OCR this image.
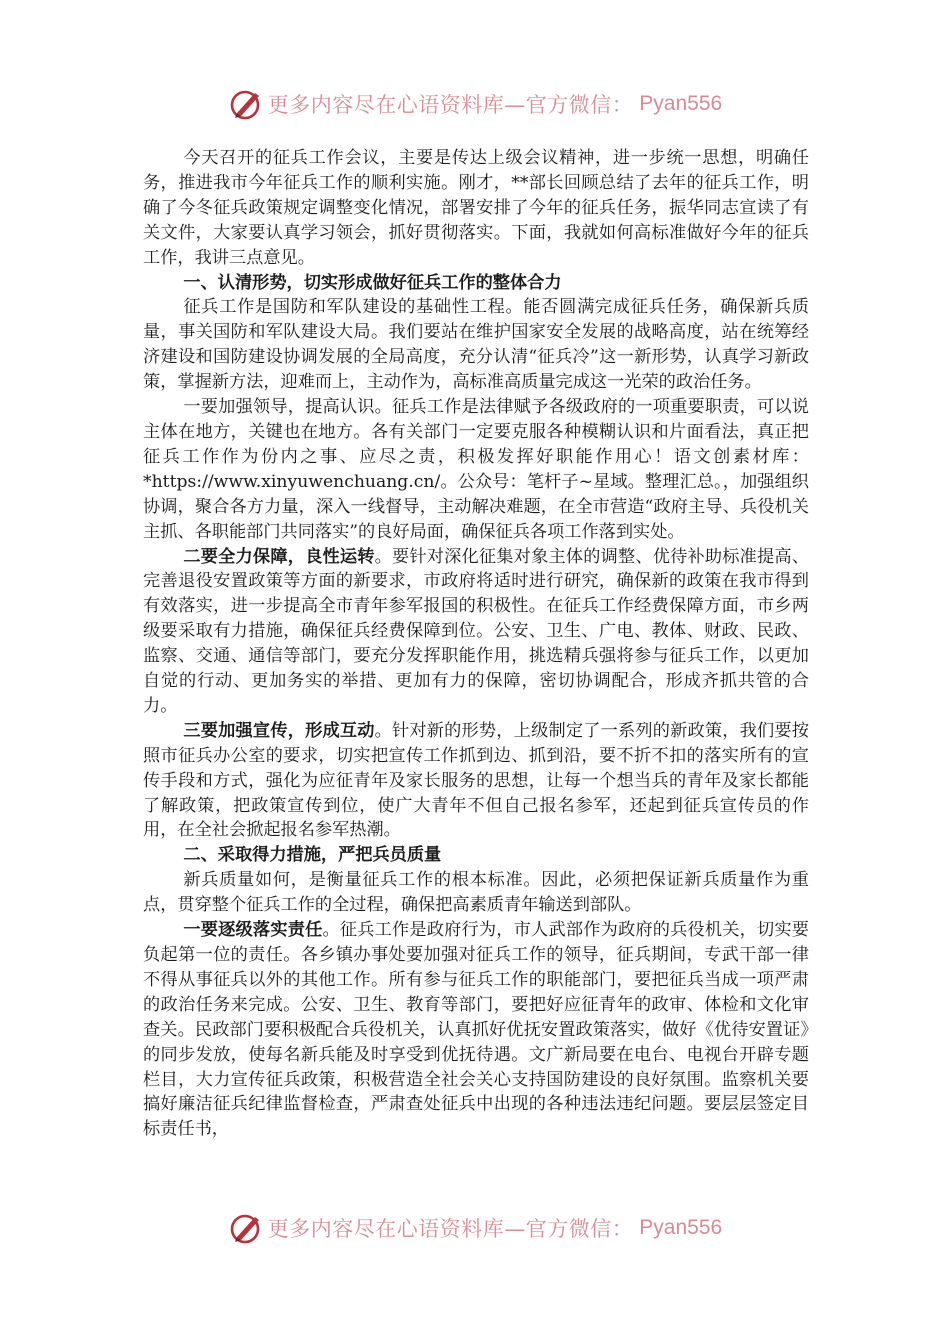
更多内容尽在心语资料库—官方微信： Pyan556

今天召开的征兵工作会议，主要是传达上级会议精神，进一步统一思想，明确任务，推进我市今年征兵工作的顺利实施。刚才，**部长回顾总结了去年的征兵工作，明确了今冬征兵政策规定调整变化情况，部署安排了今年的征兵任务，振华同志宣读了有关文件，大家要认真学习领会，抓好贯彻落实。下面，我就如何高标准做好今年的征兵工作，我讲三点意见。

一、认清形势，切实形成做好征兵工作的整体合力

征兵工作是国防和军队建设的基础性工程。能否圆满完成征兵任务，确保新兵质量，事关国防和军队建设大局。我们要站在维护国家安全发展的战略高度，站在统筹经济建设和国防建设协调发展的全局高度，充分认清“征兵冷”这一新形势，认真学习新政策，掌握新方法，迎难而上，主动作为，高标准高质量完成这一光荣的政治任务。

一要加强领导，提高认识。征兵工作是法律赋予各级政府的一项重要职责，可以说主体在地方，关键也在地方。各有关部门一定要克服各种模糊认识和片面看法，真正把征兵工作作为份内之事、应尽之责，积极发挥好职能作用心！语文创素材库：*https://www.xinyuwenchuang.cn/。公众号：笔杆子~星域。整理汇总。，加强组织协调，聚合各方力量，深入一线督导，主动解决难题，在全市营造“政府主导、兵役机关主抓、各职能部门共同落实”的良好局面，确保征兵各项工作落到实处。

二要全力保障，良性运转。要针对深化征集对象主体的调整、优待补助标准提高、完善退役安置政策等方面的新要求，市政府将适时进行研究，确保新的政策在我市得到有效落实，进一步提高全市青年参军报国的积极性。在征兵工作经费保障方面，市乡两级要采取有力措施，确保征兵经费保障到位。公安、卫生、广电、教体、财政、民政、监察、交通、通信等部门，要充分发挥职能作用，挑选精兵强将参与征兵工作，以更加自觉的行动、更加务实的举措、更加有力的保障，密切协调配合，形成齐抓共管的合力。

三要加强宣传，形成互动。针对新的形势，上级制定了一系列的新政策，我们要按照市征兵办公室的要求，切实把宣传工作抓到边、抓到沿，要不折不扣的落实所有的宣传手段和方式，强化为应征青年及家长服务的思想，让每一个想当兵的青年及家长都能了解政策，把政策宣传到位，使广大青年不但自己报名参军，还起到征兵宣传员的作用，在全社会掀起报名参军热潮。

二、采取得力措施，严把兵员质量

新兵质量如何，是衡量征兵工作的根本标准。因此，必须把保证新兵质量作为重点，贯穿整个征兵工作的全过程，确保把高素质青年输送到部队。

一要逐级落实责任。征兵工作是政府行为，市人武部作为政府的兵役机关，切实要负起第一位的责任。各乡镇办事处要加强对征兵工作的领导，征兵期间，专武干部一律不得从事征兵以外的其他工作。所有参与征兵工作的职能部门，要把征兵当成一项严肃的政治任务来完成。公安、卫生、教育等部门，要把好应征青年的政审、体检和文化审查关。民政部门要积极配合兵役机关，认真抓好优抚安置政策落实，做好《优待安置证》的同步发放，使每名新兵能及时享受到优抚待遇。文广新局要在电台、电视台开辟专题栏目，大力宣传征兵政策，积极营造全社会关心支持国防建设的良好氛围。监察机关要搞好廉洁征兵纪律监督检查，严肃查处征兵中出现的各种违法违纪问题。要层层签定目标责任书，

更多内容尽在心语资料库—官方微信： Pyan556
